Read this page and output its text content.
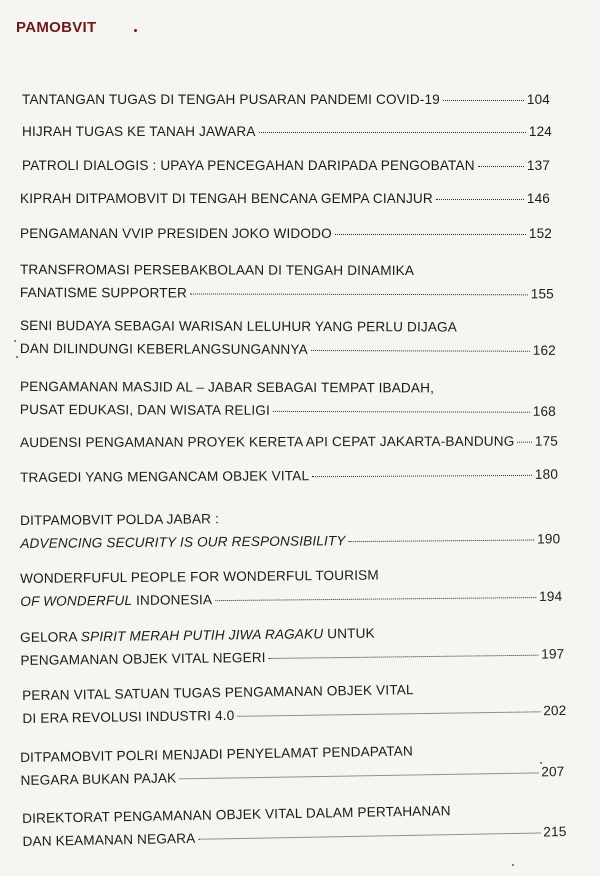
PAMOBVIT
TANTANGAN TUGAS DI TENGAH PUSARAN PANDEMI COVID-19	104
HIJRAH TUGAS KE TANAH JAWARA	124
PATROLI DIALOGIS : UPAYA PENCEGAHAN DARIPADA PENGOBATAN	137
KIPRAH DITPAMOBVIT DI TENGAH BENCANA GEMPA CIANJUR	146
PENGAMANAN VVIP PRESIDEN JOKO WIDODO	152
TRANSFROMASI PERSEBAKBOLAAN DI TENGAH DINAMIKA
FANATISME SUPPORTER	155
SENI BUDAYA SEBAGAI WARISAN LELUHUR YANG PERLU DIJAGA
DAN DILINDUNGI KEBERLANGSUNGANNYA	162
PENGAMANAN MASJID AL – JABAR SEBAGAI TEMPAT IBADAH,
PUSAT EDUKASI, DAN WISATA RELIGI	168
AUDENSI PENGAMANAN PROYEK KERETA API CEPAT JAKARTA-BANDUNG 175
TRAGEDI YANG MENGANCAM OBJEK VITAL	180
DITPAMOBVIT POLDA JABAR :
ADVENCING SECURITY IS OUR RESPONSIBILITY	190
WONDERFUFUL PEOPLE FOR WONDERFUL TOURISM
OF WONDERFUL INDONESIA	194
GELORA SPIRIT MERAH PUTIH JIWA RAGAKU UNTUK
PENGAMANAN OBJEK VITAL NEGERI	197
PERAN VITAL SATUAN TUGAS PENGAMANAN OBJEK VITAL
DI ERA REVOLUSI INDUSTRI 4.0	202
DITPAMOBVIT POLRI MENJADI PENYELAMAT PENDAPATAN
NEGARA BUKAN PAJAK	207
DIREKTORAT PENGAMANAN OBJEK VITAL DALAM PERTAHANAN
DAN KEAMANAN NEGARA	215
